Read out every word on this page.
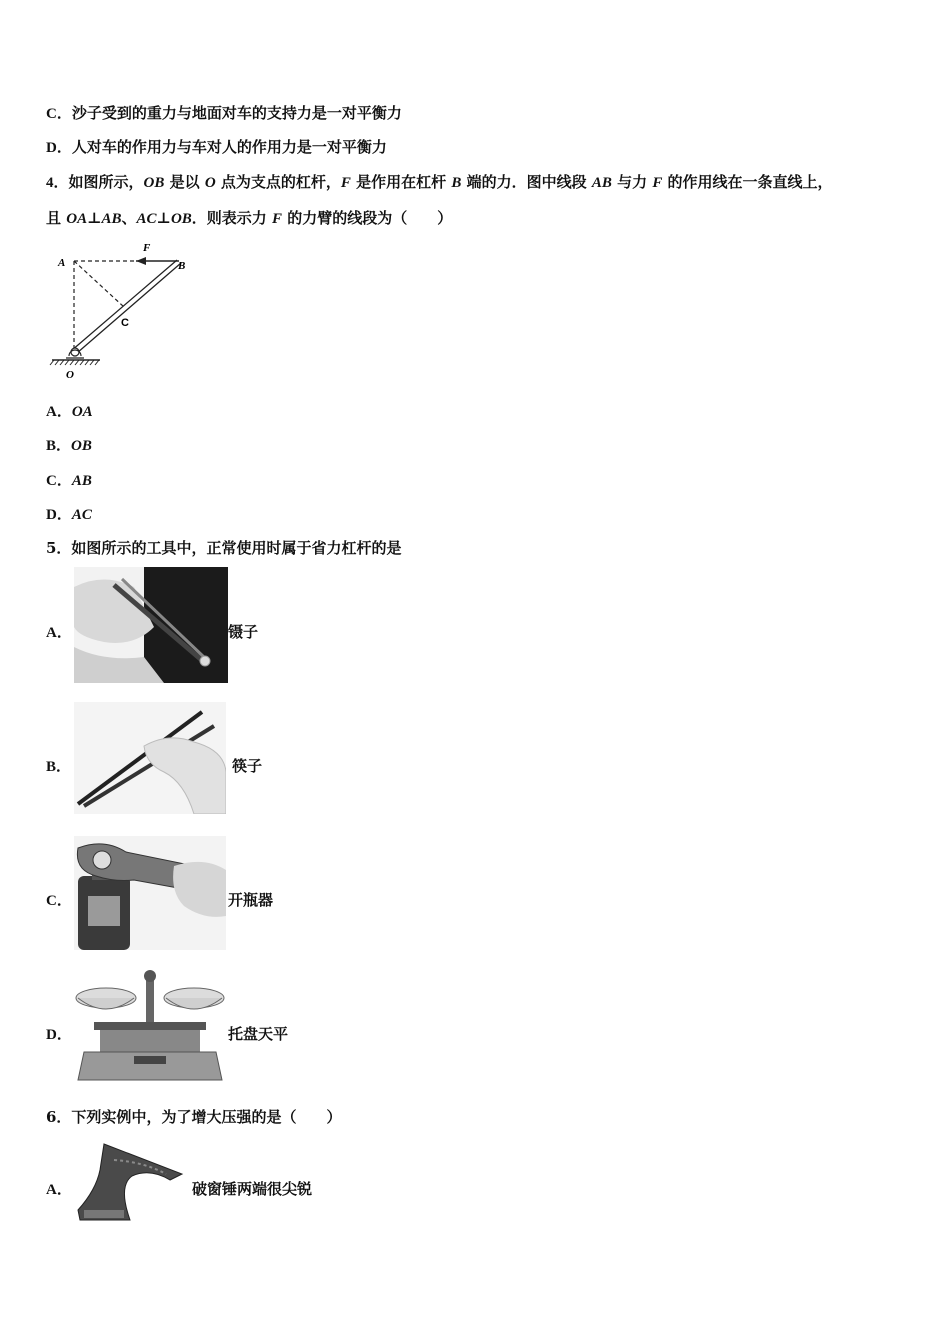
C．沙子受到的重力与地面对车的支持力是一对平衡力
D．人对车的作用力与车对人的作用力是一对平衡力
4．如图所示，OB 是以 O 点为支点的杠杆，F 是作用在杠杆 B 端的力．图中线段 AB 与力 F 的作用线在一条直线上，
且 OA⊥AB、AC⊥OB．则表示力 F 的力臂的线段为（　　）
A	B
F
C
O
A．OA
B．OB
C．AB
D．AC
5．如图所示的工具中，正常使用时属于省力杠杆的是
A．	镊子
B．	筷子
C．	开瓶器
D．	托盘天平
6．下列实例中，为了增大压强的是（　　）
A．	破窗锤两端很尖锐
